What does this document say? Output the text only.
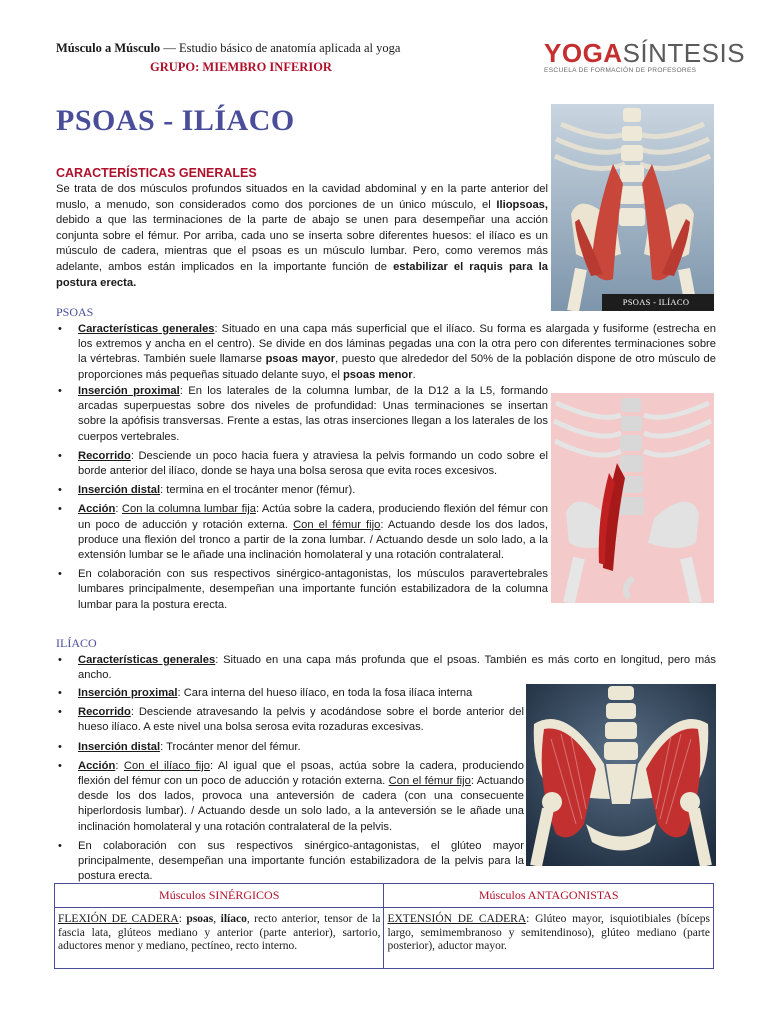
Músculo a Músculo — Estudio básico de anatomía aplicada al yoga
GRUPO: MIEMBRO INFERIOR	YOGASÍNTESIS
ESCUELA DE FORMACIÓN DE PROFESORES
PSOAS - ILÍACO
CARACTERÍSTICAS GENERALES
Se trata de dos músculos profundos situados en la cavidad abdominal y en la parte anterior del muslo, a menudo, son considerados como dos porciones de un único músculo, el Iliopsoas, debido a que las terminaciones de la parte de abajo se unen para desempeñar una acción conjunta sobre el fémur. Por arriba, cada uno se inserta sobre diferentes huesos: el ilíaco es un músculo de cadera, mientras que el psoas es un músculo lumbar. Pero, como veremos más adelante, ambos están implicados en la importante función de estabilizar el raquis para la postura erecta.
PSOAS - ILÍACO
PSOAS
• Características generales: Situado en una capa más superficial que el ilíaco. Su forma es alargada y fusiforme (estrecha en los extremos y ancha en el centro). Se divide en dos láminas pegadas una con la otra pero con diferentes terminaciones sobre la vértebras. También suele llamarse psoas mayor, puesto que alrededor del 50% de la población dispone de otro músculo de proporciones más pequeñas situado delante suyo, el psoas menor.
• Inserción proximal: En los laterales de la columna lumbar, de la D12 a la L5, formando arcadas superpuestas sobre dos niveles de profundidad: Unas terminaciones se insertan sobre la apófisis transversas. Frente a estas, las otras inserciones llegan a los laterales de los cuerpos vertebrales.
• Recorrido: Desciende un poco hacia fuera y atraviesa la pelvis formando un codo sobre el borde anterior del ilíaco, donde se haya una bolsa serosa que evita roces excesivos.
• Inserción distal: termina en el trocánter menor (fémur).
• Acción: Con la columna lumbar fija: Actúa sobre la cadera, produciendo flexión del fémur con un poco de aducción y rotación externa. Con el fémur fijo: Actuando desde los dos lados, produce una flexión del tronco a partir de la zona lumbar. / Actuando desde un solo lado, a la extensión lumbar se le añade una inclinación homolateral y una rotación contralateral.
• En colaboración con sus respectivos sinérgico-antagonistas, los músculos paravertebrales lumbares principalmente, desempeñan una importante función estabilizadora de la columna lumbar para la postura erecta.
ILÍACO
• Características generales: Situado en una capa más profunda que el psoas. También es más corto en longitud, pero más ancho.
• Inserción proximal: Cara interna del hueso ilíaco, en toda la fosa ilíaca interna
• Recorrido: Desciende atravesando la pelvis y acodándose sobre el borde anterior del hueso ilíaco. A este nivel una bolsa serosa evita rozaduras excesivas.
• Inserción distal: Trocánter menor del fémur.
• Acción: Con el ilíaco fijo: Al igual que el psoas, actúa sobre la cadera, produciendo flexión del fémur con un poco de aducción y rotación externa. Con el fémur fijo: Actuando desde los dos lados, provoca una anteversión de cadera (con una consecuente hiperlordosis lumbar). / Actuando desde un solo lado, a la anteversión se le añade una inclinación homolateral y una rotación contralateral de la pelvis.
• En colaboración con sus respectivos sinérgico-antagonistas, el glúteo mayor principalmente, desempeñan una importante función estabilizadora de la pelvis para la postura erecta.
Músculos SINÉRGICOS	Músculos ANTAGONISTAS
FLEXIÓN DE CADERA: psoas, ilíaco, recto anterior, tensor de la fascia lata, glúteos mediano y anterior (parte anterior), sartorio, aductores menor y mediano, pectíneo, recto interno.	EXTENSIÓN DE CADERA: Glúteo mayor, isquiotibiales (bíceps largo, semimembranoso y semitendinoso), glúteo mediano (parte posterior), aductor mayor.
